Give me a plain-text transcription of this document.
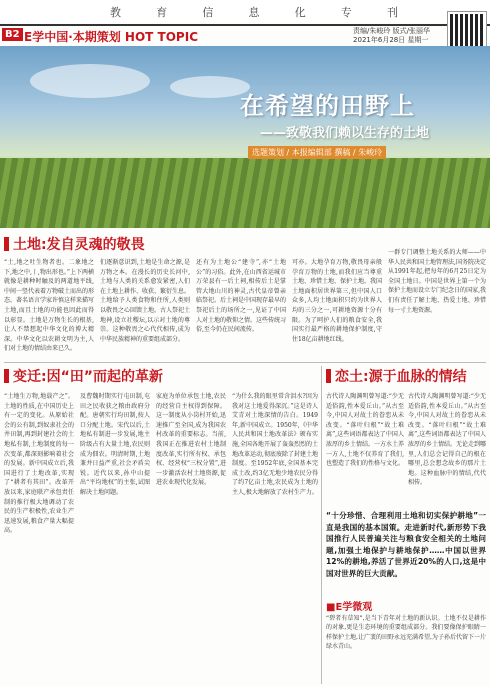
教	育	信	息	化	专	刊
B2 E学中国·本期策划 HOT TOPIC	责编/朱峻玲 版式/张丽华
2021年6月28日 星期一
在希望的田野上
——致敬我们赖以生存的土地
选题策划 / 本报编辑部 撰稿 / 朱峻玲
土地:发自灵魂的敬畏
“土,地之吐生物者也。二象地之下,地之中,丨,物出形也。”上下两横就像是耕种时触及的两道地平线,中间一竖代表着万物破土而出的形态。著名语言学家许慎这样来描写土地,而且土地的功能也因此而得以彰显。土地是万物生长的根基,让人不禁想起中华文化的博大精深。中华文化以农耕文明为主,人们对土地的情结由来已久。
们逐渐意识到,土地是生命之源,是万物之本。在漫长的历史长河中,土地与人类的关系愈发紧密,人们在土地上耕作、收获、繁衍生息。土地给予人类食物和住所,人类则以敬畏之心回馈土地。古人祭祀土地神,设立社稷坛,以示对土地的尊崇。这种敬畏之心代代相传,成为中华民族精神的重要组成部分。
还有为土地公“建寺”,亦“土地公”的习俗。此外,在山西省运城市万荣县有一后土祠,相传后土是掌管大地山川的神灵,古代皇帝曾亲临祭祀。后土祠是中国现存最早的祭祀后土的场所之一,见证了中国人对土地的敬仰之情。这些传统习俗,至今仍在民间流传。
可亦。大地孕育万物,敬畏母亲般孕育万物的土地,而我们应当尊重土地、珍惜土地、保护土地。我国土地面积居世界第三,但中国人口众多,人均土地面积只约为世界人均的三分之一,可耕地资源十分有限。为了呵护人们的粮食安全,我国实行最严格的耕地保护制度,守住18亿亩耕地红线。
一群专门调整土地关系的大师——中华人民共和国土地管理法,国务院决定从1991年起,把每年的6月25日定为全国土地日。中国是世界上第一个为保护土地而设立专门纪念日的国家,我们有责任了解土地、热爱土地、珍惜每一寸土地资源。
变迁:因“田”而起的革新
“土地生万物,地载产之”。土地的性质,在中国历史上有一定的变化。从原始社会的公有制,到奴隶社会的井田制,再到封建社会的土地私有制,土地制度的每一次变革,都深刻影响着社会的发展。新中国成立后,我国进行了土地改革,实现了“耕者有其田”。改革开放以来,家庭联产承包责任制的推行极大地调动了农民的生产积极性,农业生产迅速发展,粮食产量大幅提高。
及曹魏时期实行屯田制,屯田之民收获之粮由政府分配。唐朝实行均田制,按人口分配土地。宋代以后,土地私有制进一步发展,地主阶级占有大量土地,农民则成为佃农。明清时期,土地兼并日益严重,社会矛盾尖锐。近代以来,孙中山提出“平均地权”的主张,试图解决土地问题。
家庭为单位承包土地,农民的经营自主权得到保障。这一制度从小岗村开始,迅速推广至全国,成为我国农村改革的重要标志。当前,我国正在推进农村土地制度改革,实行所有权、承包权、经营权“三权分置”,进一步激活农村土地资源,促进农业现代化发展。
“为什么我的眼里常含泪水?因为我对这土地爱得深沉。”这是诗人艾青对土地深情的告白。1949年,新中国成立。1950年,《中华人民共和国土地改革法》颁布实施,全国各地开展了轰轰烈烈的土地改革运动,彻底废除了封建土地制度。至1952年底,全国基本完成土改,约3亿无地少地农民分得了约7亿亩土地,农民成为土地的主人,极大地解放了农村生产力。
恋土:源于血脉的情结
古代诗人陶渊明曾写道:“少无适俗韵,性本爱丘山。”从古至今,中国人对故土的眷恋从未改变。“落叶归根”“故土难离”,这些词语都表达了中国人浓厚的乡土情结。一方水土养一方人,土地不仅养育了我们,也塑造了我们的性格与文化。
古代诗人陶渊明曾写道:“少无适俗韵,性本爱丘山。”从古至今,中国人对故土的眷恋从未改变。“落叶归根”“故土难离”,这些词语都表达了中国人浓厚的乡土情结。无论走到哪里,人们总会记得自己的根在哪里,总会想念故乡的那片土地。这种血脉中的情结,代代相传。
“十分珍惜、合理利用土地和切实保护耕地”一直是我国的基本国策。走进新时代,新形势下我国推行人民普遍关注与粮食安全相关的土地问题,加强土地保护与耕地保护……中国以世界12%的耕地,养活了世界近20%的人口,这是中国对世界的巨大贡献。
■E学微观
“碧者有草知”,是当下青年对土地的新认识。土地不仅是耕作的对象,更是生态环境的重要组成部分。我们要像保护眼睛一样保护土地,让广袤的田野永远充满希望,为子孙后代留下一片绿水青山。
